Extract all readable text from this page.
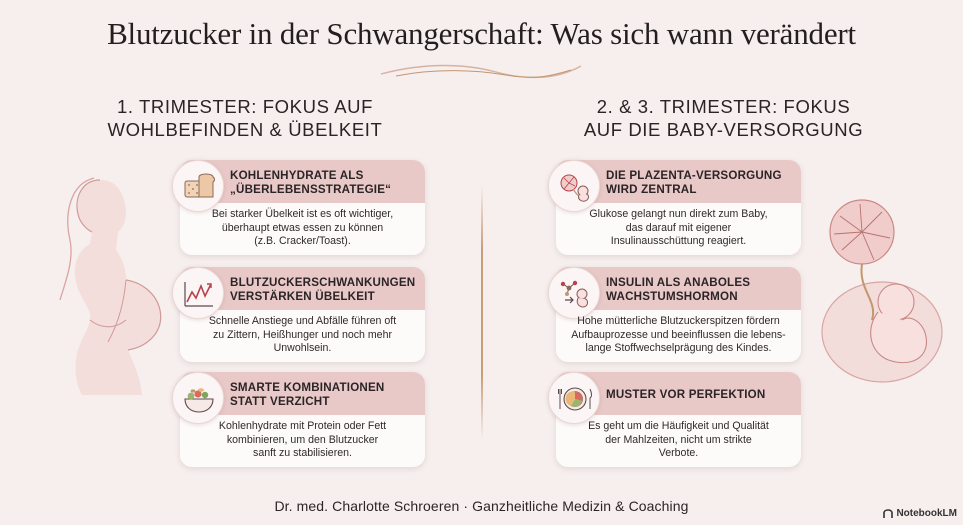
Blutzucker in der Schwangerschaft: Was sich wann verändert
1. TRIMESTER: FOKUS AUF
WOHLBEFINDEN & ÜBELKEIT
2. & 3. TRIMESTER: FOKUS
AUF DIE BABY-VERSORGUNG
KOHLENHYDRATE ALS
„ÜBERLEBENSSTRATEGIE“
Bei starker Übelkeit ist es oft wichtiger,
überhaupt etwas essen zu können
(z.B. Cracker/Toast).
BLUTZUCKERSCHWANKUNGEN
VERSTÄRKEN ÜBELKEIT
Schnelle Anstiege und Abfälle führen oft
zu Zittern, Heißhunger und noch mehr
Unwohlsein.
SMARTE KOMBINATIONEN
STATT VERZICHT
Kohlenhydrate mit Protein oder Fett
kombinieren, um den Blutzucker
sanft zu stabilisieren.
DIE PLAZENTA-VERSORGUNG
WIRD ZENTRAL
Glukose gelangt nun direkt zum Baby,
das darauf mit eigener
Insulinausschüttung reagiert.
INSULIN ALS ANABOLES
WACHSTUMSHORMON
Hohe mütterliche Blutzuckerspitzen fördern
Aufbauprozesse und beeinflussen die lebens-
lange Stoffwechselprägung des Kindes.
MUSTER VOR PERFEKTION
Es geht um die Häufigkeit und Qualität
der Mahlzeiten, nicht um strikte
Verbote.
Dr. med. Charlotte Schroeren · Ganzheitliche Medizin & Coaching	NotebookLM
